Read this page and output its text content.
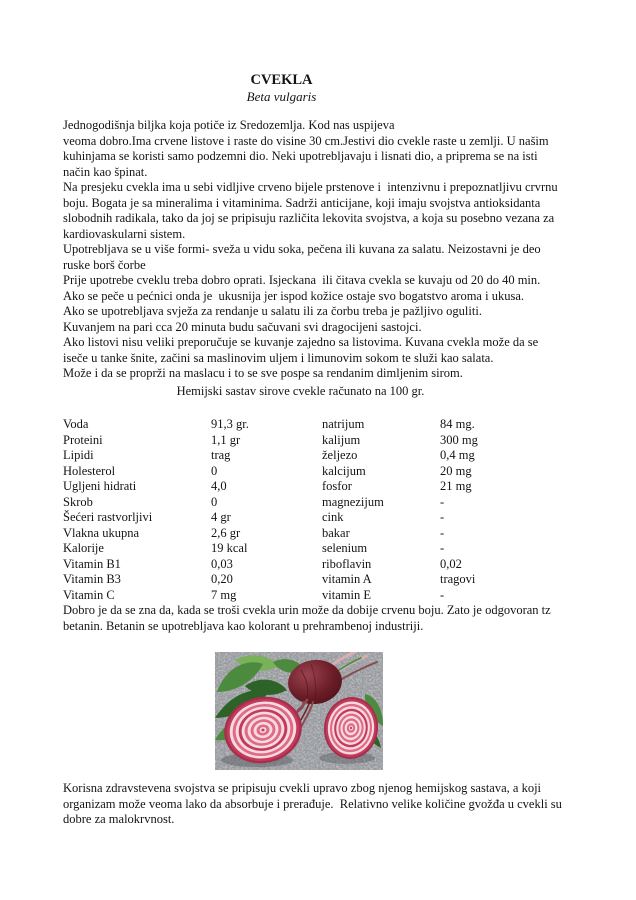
CVEKLA
Beta vulgaris
Jednogodišnja biljka koja potiče iz Sredozemlja. Kod nas uspijeva
veoma dobro.Ima crvene listove i raste do visine 30 cm.Jestivi dio cvekle raste u zemlji. U našim
kuhinjama se koristi samo podzemni dio. Neki upotrebljavaju i lisnati dio, a priprema se na isti
način kao špinat.
Na presjeku cvekla ima u sebi vidljive crveno bijele prstenove i  intenzivnu i prepoznatljivu crvrnu
boju. Bogata je sa mineralima i vitaminima. Sadrži anticijane, koji imaju svojstva antioksidanta
slobodnih radikala, tako da joj se pripisuju različita lekovita svojstva, a koja su posebno vezana za
kardiovaskularni sistem.
Upotrebljava se u više formi- sveža u vidu soka, pečena ili kuvana za salatu. Neizostavni je deo
ruske borš čorbe
Prije upotrebe cveklu treba dobro oprati. Isjeckana  ili čitava cvekla se kuvaju od 20 do 40 min.
Ako se peče u pećnici onda je  ukusnija jer ispod kožice ostaje svo bogatstvo aroma i ukusa.
Ako se upotrebljava svježa za rendanje u salatu ili za čorbu treba je pažljivo oguliti.
Kuvanjem na pari cca 20 minuta budu sačuvani svi dragocijeni sastojci.
Ako listovi nisu veliki preporučuje se kuvanje zajedno sa listovima. Kuvana cvekla može da se
iseče u tanke šnite, začini sa maslinovim uljem i limunovim sokom te služi kao salata.
Može i da se proprži na maslacu i to se sve pospe sa rendanim dimljenim sirom.
Hemijski sastav sirove cvekle računato na 100 gr.
Voda	91,3 gr.	natrijum	84 mg.
Proteini	1,1 gr	kalijum	300 mg
Lipidi	trag	željezo	0,4 mg
Holesterol	0	kalcijum	20 mg
Ugljeni hidrati	4,0	fosfor	21 mg
Skrob	0	magnezijum	-
Šećeri rastvorljivi	4 gr	cink	-
Vlakna ukupna	2,6 gr	bakar	-
Kalorije	19 kcal	selenium	-
Vitamin B1	0,03	riboflavin	0,02
Vitamin B3	0,20	vitamin A	tragovi
Vitamin C	7 mg	vitamin E	-
Dobro je da se zna da, kada se troši cvekla urin može da dobije crvenu boju. Zato je odgovoran tz
betanin. Betanin se upotrebljava kao kolorant u prehrambenoj industriji.
Korisna zdravstevena svojstva se pripisuju cvekli upravo zbog njenog hemijskog sastava, a koji
organizam može veoma lako da absorbuje i prerađuje.  Relativno velike količine gvožđa u cvekli su
dobre za malokrvnost.
